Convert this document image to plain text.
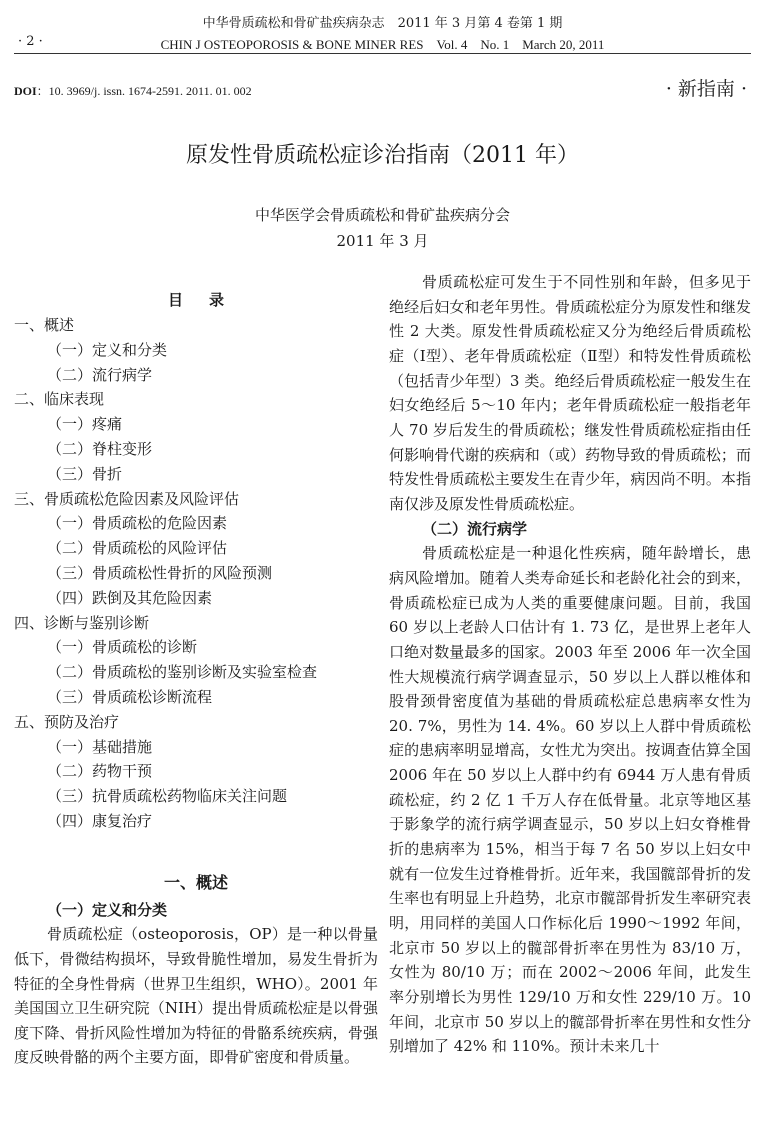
中华骨质疏松和骨矿盐疾病杂志　2011 年 3 月第 4 卷第 1 期
· 2 ·	CHIN J OSTEOPOROSIS & BONE MINER RES　Vol. 4　No. 1　March 20, 2011
DOI：10. 3969/j. issn. 1674-2591. 2011. 01. 002	· 新指南 ·
原发性骨质疏松症诊治指南（2011 年）
中华医学会骨质疏松和骨矿盐疾病分会
2011 年 3 月
目录
一、概述
（一）定义和分类
（二）流行病学
二、临床表现
（一）疼痛
（二）脊柱变形
（三）骨折
三、骨质疏松危险因素及风险评估
（一）骨质疏松的危险因素
（二）骨质疏松的风险评估
（三）骨质疏松性骨折的风险预测
（四）跌倒及其危险因素
四、诊断与鉴别诊断
（一）骨质疏松的诊断
（二）骨质疏松的鉴别诊断及实验室检查
（三）骨质疏松诊断流程
五、预防及治疗
（一）基础措施
（二）药物干预
（三）抗骨质疏松药物临床关注问题
（四）康复治疗
一、概述
（一）定义和分类

骨质疏松症（osteoporosis，OP）是一种以骨量低下，骨微结构损坏，导致骨脆性增加，易发生骨折为特征的全身性骨病（世界卫生组织，WHO）。2001 年美国国立卫生研究院（NIH）提出骨质疏松症是以骨强度下降、骨折风险性增加为特征的骨骼系统疾病，骨强度反映骨骼的两个主要方面，即骨矿密度和骨质量。

骨质疏松症可发生于不同性别和年龄，但多见于绝经后妇女和老年男性。骨质疏松症分为原发性和继发性 2 大类。原发性骨质疏松症又分为绝经后骨质疏松症（Ⅰ型）、老年骨质疏松症（Ⅱ型）和特发性骨质疏松（包括青少年型）3 类。绝经后骨质疏松症一般发生在妇女绝经后 5～10 年内；老年骨质疏松症一般指老年人 70 岁后发生的骨质疏松；继发性骨质疏松症指由任何影响骨代谢的疾病和（或）药物导致的骨质疏松；而特发性骨质疏松主要发生在青少年，病因尚不明。本指南仅涉及原发性骨质疏松症。

（二）流行病学

骨质疏松症是一种退化性疾病，随年龄增长，患病风险增加。随着人类寿命延长和老龄化社会的到来，骨质疏松症已成为人类的重要健康问题。目前，我国 60 岁以上老龄人口估计有 1. 73 亿，是世界上老年人口绝对数量最多的国家。2003 年至 2006 年一次全国性大规模流行病学调查显示，50 岁以上人群以椎体和股骨颈骨密度值为基础的骨质疏松症总患病率女性为 20. 7%，男性为 14. 4%。60 岁以上人群中骨质疏松症的患病率明显增高，女性尤为突出。按调查估算全国 2006 年在 50 岁以上人群中约有 6944 万人患有骨质疏松症，约 2 亿 1 千万人存在低骨量。北京等地区基于影象学的流行病学调查显示，50 岁以上妇女脊椎骨折的患病率为 15%，相当于每 7 名 50 岁以上妇女中就有一位发生过脊椎骨折。近年来，我国髋部骨折的发生率也有明显上升趋势，北京市髋部骨折发生率研究表明，用同样的美国人口作标化后 1990～1992 年间，北京市 50 岁以上的髋部骨折率在男性为 83/10 万，女性为 80/10 万；而在 2002～2006 年间，此发生率分别增长为男性 129/10 万和女性 229/10 万。10 年间，北京市 50 岁以上的髋部骨折率在男性和女性分别增加了 42% 和 110%。预计未来几十
